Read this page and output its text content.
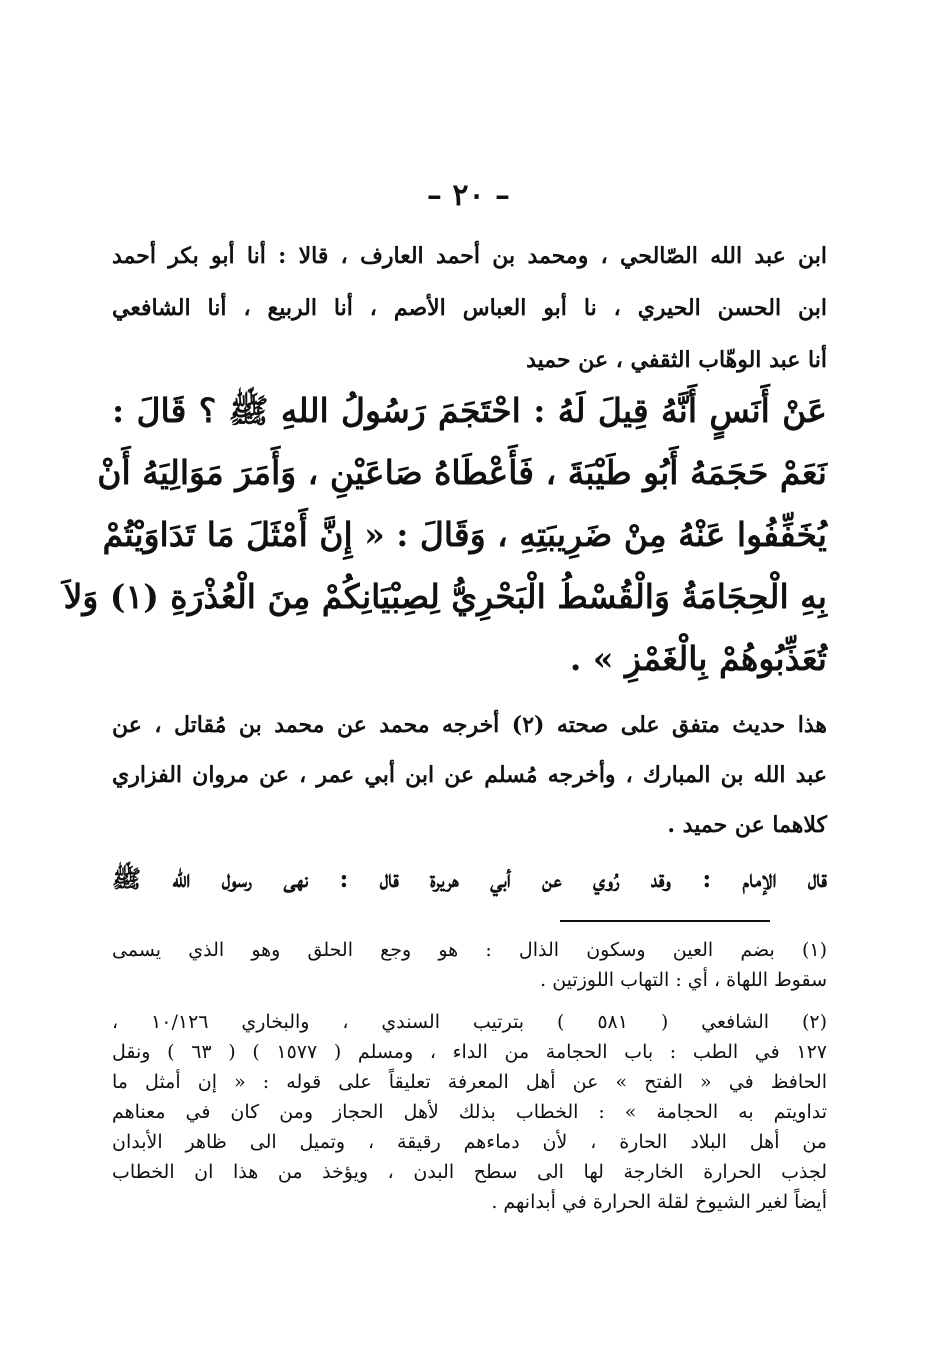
– ٢٠ –
ابن عبد الله الصّالحي ، ومحمد بن أحمد العارف ، قالا : أنا أبو بكر أحمد
ابن الحسن الحيري ، نا أبو العباس الأصم ، أنا الربيع ، أنا الشافعي
أنا عبد الوهّاب الثقفي ، عن حميد
عَنْ أَنَسٍ أَنَّهُ قِيلَ لَهُ : احْتَجَمَ رَسُولُ اللهِ ﷺ ؟ قَالَ :
نَعَمْ حَجَمَهُ أَبُو طَيْبَةَ ، فَأَعْطَاهُ صَاعَيْنِ ، وَأَمَرَ مَوَالِيَهُ أَنْ
يُخَفِّفُوا عَنْهُ مِنْ ضَرِيبَتِهِ ، وَقَالَ : « إِنَّ أَمْثَلَ مَا تَدَاوَيْتُمْ
بِهِ الْحِجَامَةُ وَالْقُسْطُ الْبَحْرِيُّ لِصِبْيَانِكُمْ مِنَ الْعُذْرَةِ (١) وَلاَ
تُعَذِّبُوهُمْ بِالْغَمْزِ » .
هذا حديث متفق على صحته (٢) أخرجه محمد عن محمد بن مُقاتل ، عن
عبد الله بن المبارك ، وأخرجه مُسلم عن ابن أبي عمر ، عن مروان الفزاري
كلاهما عن حميد .
قال الإمام : وقد رُوي عن أبي هريرة قال : نهى رسول الله ﷺ
(١) بضم العين وسكون الذال : هو وجع الحلق وهو الذي يسمى
سقوط اللهاة ، أي : التهاب اللوزتين .
(٢) الشافعي ( ٥٨١ ) بترتيب السندي ، والبخاري ١٠/١٢٦ ،
١٢٧ في الطب : باب الحجامة من الداء ، ومسلم ( ١٥٧٧ ) ( ٦٣ ) ونقل
الحافظ في « الفتح » عن أهل المعرفة تعليقاً على قوله : « إن أمثل ما
تداويتم به الحجامة » : الخطاب بذلك لأهل الحجاز ومن كان في معناهم
من أهل البلاد الحارة ، لأن دماءهم رقيقة ، وتميل الى ظاهر الأبدان
لجذب الحرارة الخارجة لها الى سطح البدن ، ويؤخذ من هذا ان الخطاب
أيضاً لغير الشيوخ لقلة الحرارة في أبدانهم .
